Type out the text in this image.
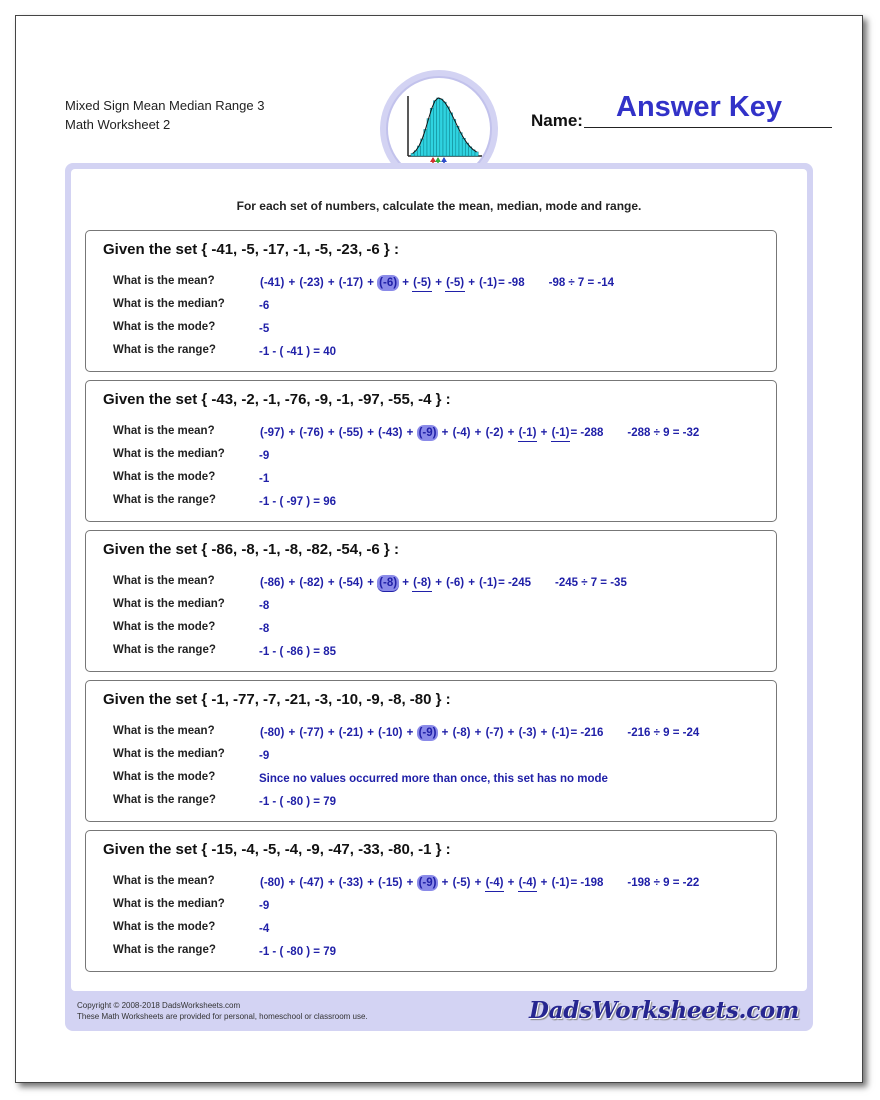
Mixed Sign Mean Median Range 3
Math Worksheet 2
Answer Key
Name:
For each set of numbers, calculate the mean, median, mode and range.
Given the set { -41, -5, -17, -1, -5, -23, -6 } :
What is the mean?
What is the median?
What is the mode?
What is the range?
(-41) + (-23) + (-17) + (-6) + (-5) + (-5) + (-1)= -98 -98 ÷ 7 = -14
-6
-5
-1 - ( -41 ) = 40
Given the set { -43, -2, -1, -76, -9, -1, -97, -55, -4 } :
What is the mean?
What is the median?
What is the mode?
What is the range?
(-97) + (-76) + (-55) + (-43) + (-9) + (-4) + (-2) + (-1) + (-1)= -288 -288 ÷ 9 = -32
-9
-1
-1 - ( -97 ) = 96
Given the set { -86, -8, -1, -8, -82, -54, -6 } :
What is the mean?
What is the median?
What is the mode?
What is the range?
(-86) + (-82) + (-54) + (-8) + (-8) + (-6) + (-1)= -245 -245 ÷ 7 = -35
-8
-8
-1 - ( -86 ) = 85
Given the set { -1, -77, -7, -21, -3, -10, -9, -8, -80 } :
What is the mean?
What is the median?
What is the mode?
What is the range?
(-80) + (-77) + (-21) + (-10) + (-9) + (-8) + (-7) + (-3) + (-1)= -216 -216 ÷ 9 = -24
-9
Since no values occurred more than once, this set has no mode
-1 - ( -80 ) = 79
Given the set { -15, -4, -5, -4, -9, -47, -33, -80, -1 } :
What is the mean?
What is the median?
What is the mode?
What is the range?
(-80) + (-47) + (-33) + (-15) + (-9) + (-5) + (-4) + (-4) + (-1)= -198 -198 ÷ 9 = -22
-9
-4
-1 - ( -80 ) = 79
Copyright © 2008-2018 DadsWorksheets.com
These Math Worksheets are provided for personal, homeschool or classroom use.	DadsWorksheets.com
